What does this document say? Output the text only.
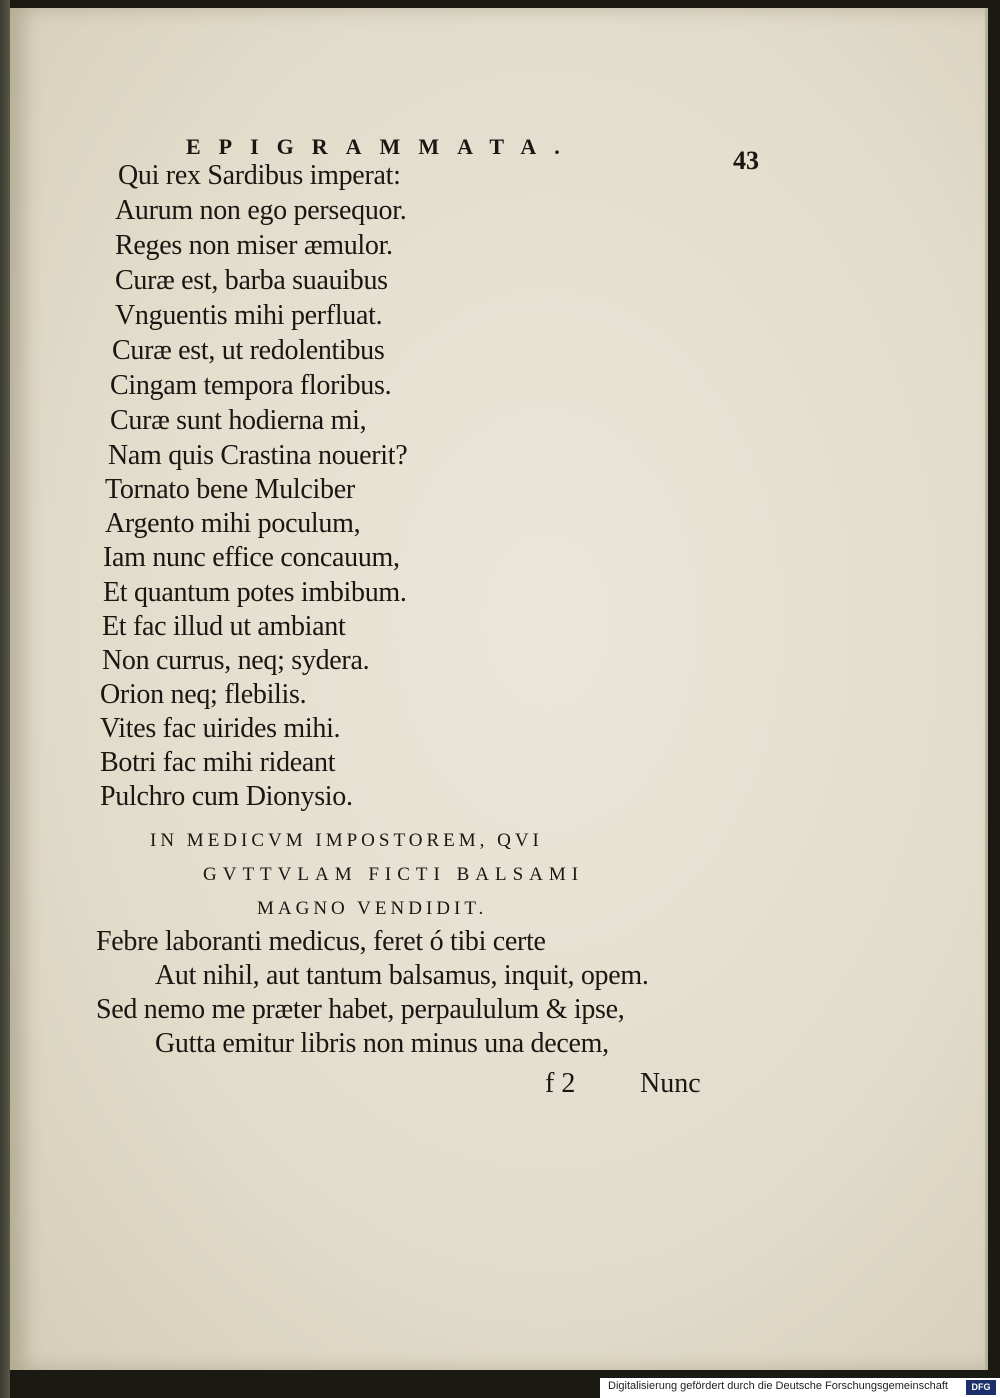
EPIGRAMMATA.	43
Qui rex Sardibus imperat:
Aurum non ego persequor.
Reges non miser æmulor.
Curæ est, barba suauibus
Vnguentis mihi perfluat.
Curæ est, ut redolentibus
Cingam tempora floribus.
Curæ sunt hodierna mi,
Nam quis Crastina nouerit?
Tornato bene Mulciber
Argento mihi poculum,
Iam nunc effice concauum,
Et quantum potes imbibum.
Et fac illud ut ambiant
Non currus, neq; sydera.
Orion neq; flebilis.
Vites fac uirides mihi.
Botri fac mihi rideant
Pulchro cum Dionysio.
IN MEDICVM IMPOSTOREM, QVI
GVTTVLAM FICTI BALSAMI
MAGNO VENDIDIT.
Febre laboranti medicus, feret ó tibi certe
Aut nihil, aut tantum balsamus, inquit, opem.
Sed nemo me præter habet, perpaululum & ipse,
Gutta emitur libris non minus una decem,
f 2 Nunc
Digitalisierung gefördert durch die Deutsche Forschungsgemeinschaft	DFG
